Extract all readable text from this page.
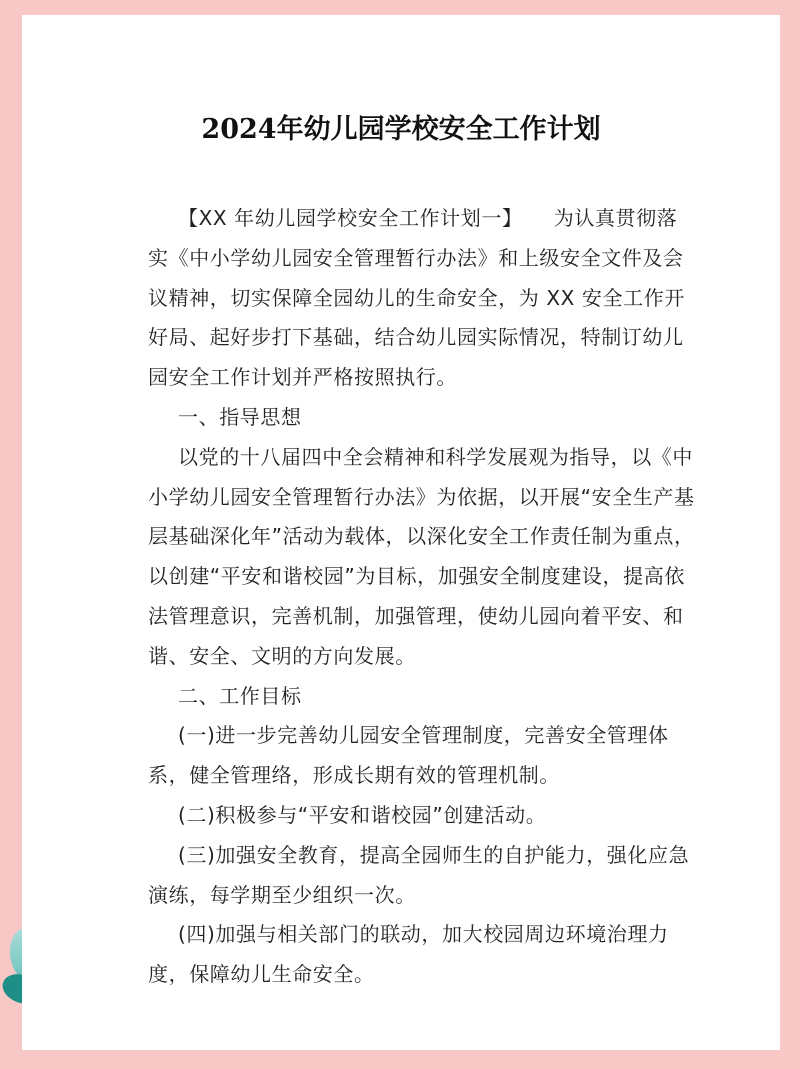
2024年幼儿园学校安全工作计划
【XX 年幼儿园学校安全工作计划一】　　为认真贯彻落
实《中小学幼儿园安全管理暂行办法》和上级安全文件及会
议精神，切实保障全园幼儿的生命安全，为 XX 安全工作开
好局、起好步打下基础，结合幼儿园实际情况，特制订幼儿
园安全工作计划并严格按照执行。
一、指导思想
以党的十八届四中全会精神和科学发展观为指导，以《中
小学幼儿园安全管理暂行办法》为依据，以开展“安全生产基
层基础深化年”活动为载体，以深化安全工作责任制为重点，
以创建“平安和谐校园”为目标，加强安全制度建设，提高依
法管理意识，完善机制，加强管理，使幼儿园向着平安、和
谐、安全、文明的方向发展。
二、工作目标
(一)进一步完善幼儿园安全管理制度，完善安全管理体
系，健全管理络，形成长期有效的管理机制。
(二)积极参与“平安和谐校园”创建活动。
(三)加强安全教育，提高全园师生的自护能力，强化应急
演练，每学期至少组织一次。
(四)加强与相关部门的联动，加大校园周边环境治理力
度，保障幼儿生命安全。
